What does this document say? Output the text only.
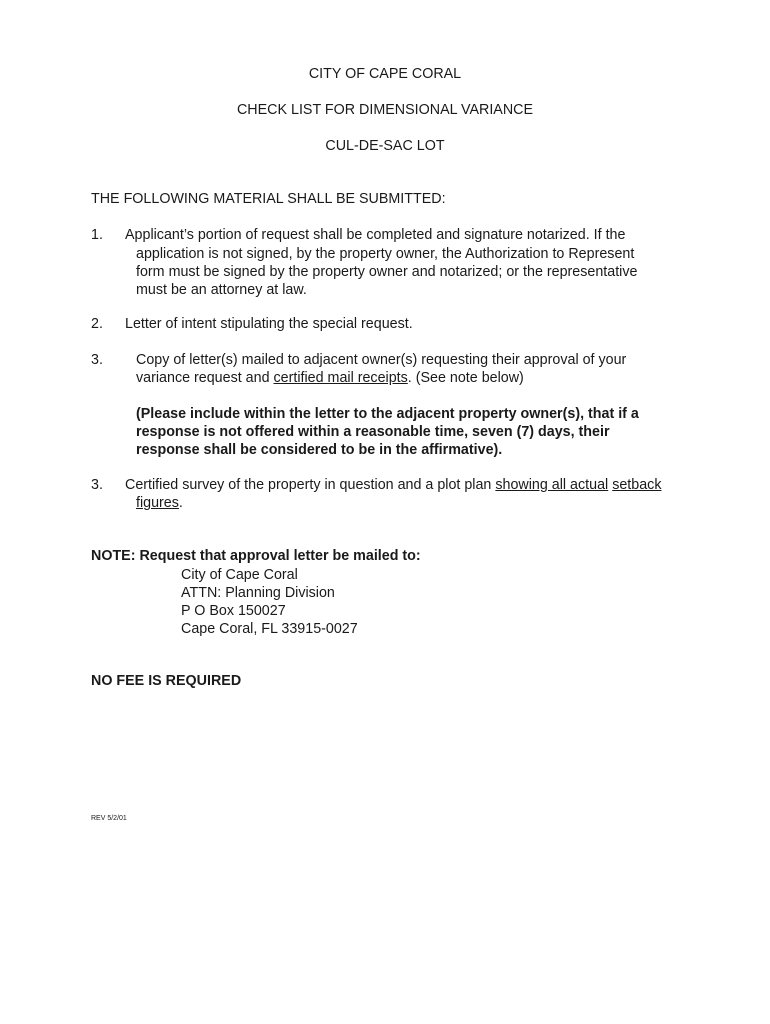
CITY OF CAPE CORAL
CHECK LIST FOR DIMENSIONAL VARIANCE
CUL-DE-SAC LOT
THE FOLLOWING MATERIAL SHALL BE SUBMITTED:
1. Applicant’s portion of request shall be completed and signature notarized. If the
application is not signed, by the property owner, the Authorization to Represent
form must be signed by the property owner and notarized; or the representative
must be an attorney at law.
2. Letter of intent stipulating the special request.
3. Copy of letter(s) mailed to adjacent owner(s) requesting their approval of your
variance request and certified mail receipts. (See note below)
(Please include within the letter to the adjacent property owner(s), that if a
response is not offered within a reasonable time, seven (7) days, their
response shall be considered to be in the affirmative).
3. Certified survey of the property in question and a plot plan showing all actual setback
figures.
NOTE: Request that approval letter be mailed to:
City of Cape Coral
ATTN: Planning Division
P O Box 150027
Cape Coral, FL 33915-0027
NO FEE IS REQUIRED
REV 5/2/01
